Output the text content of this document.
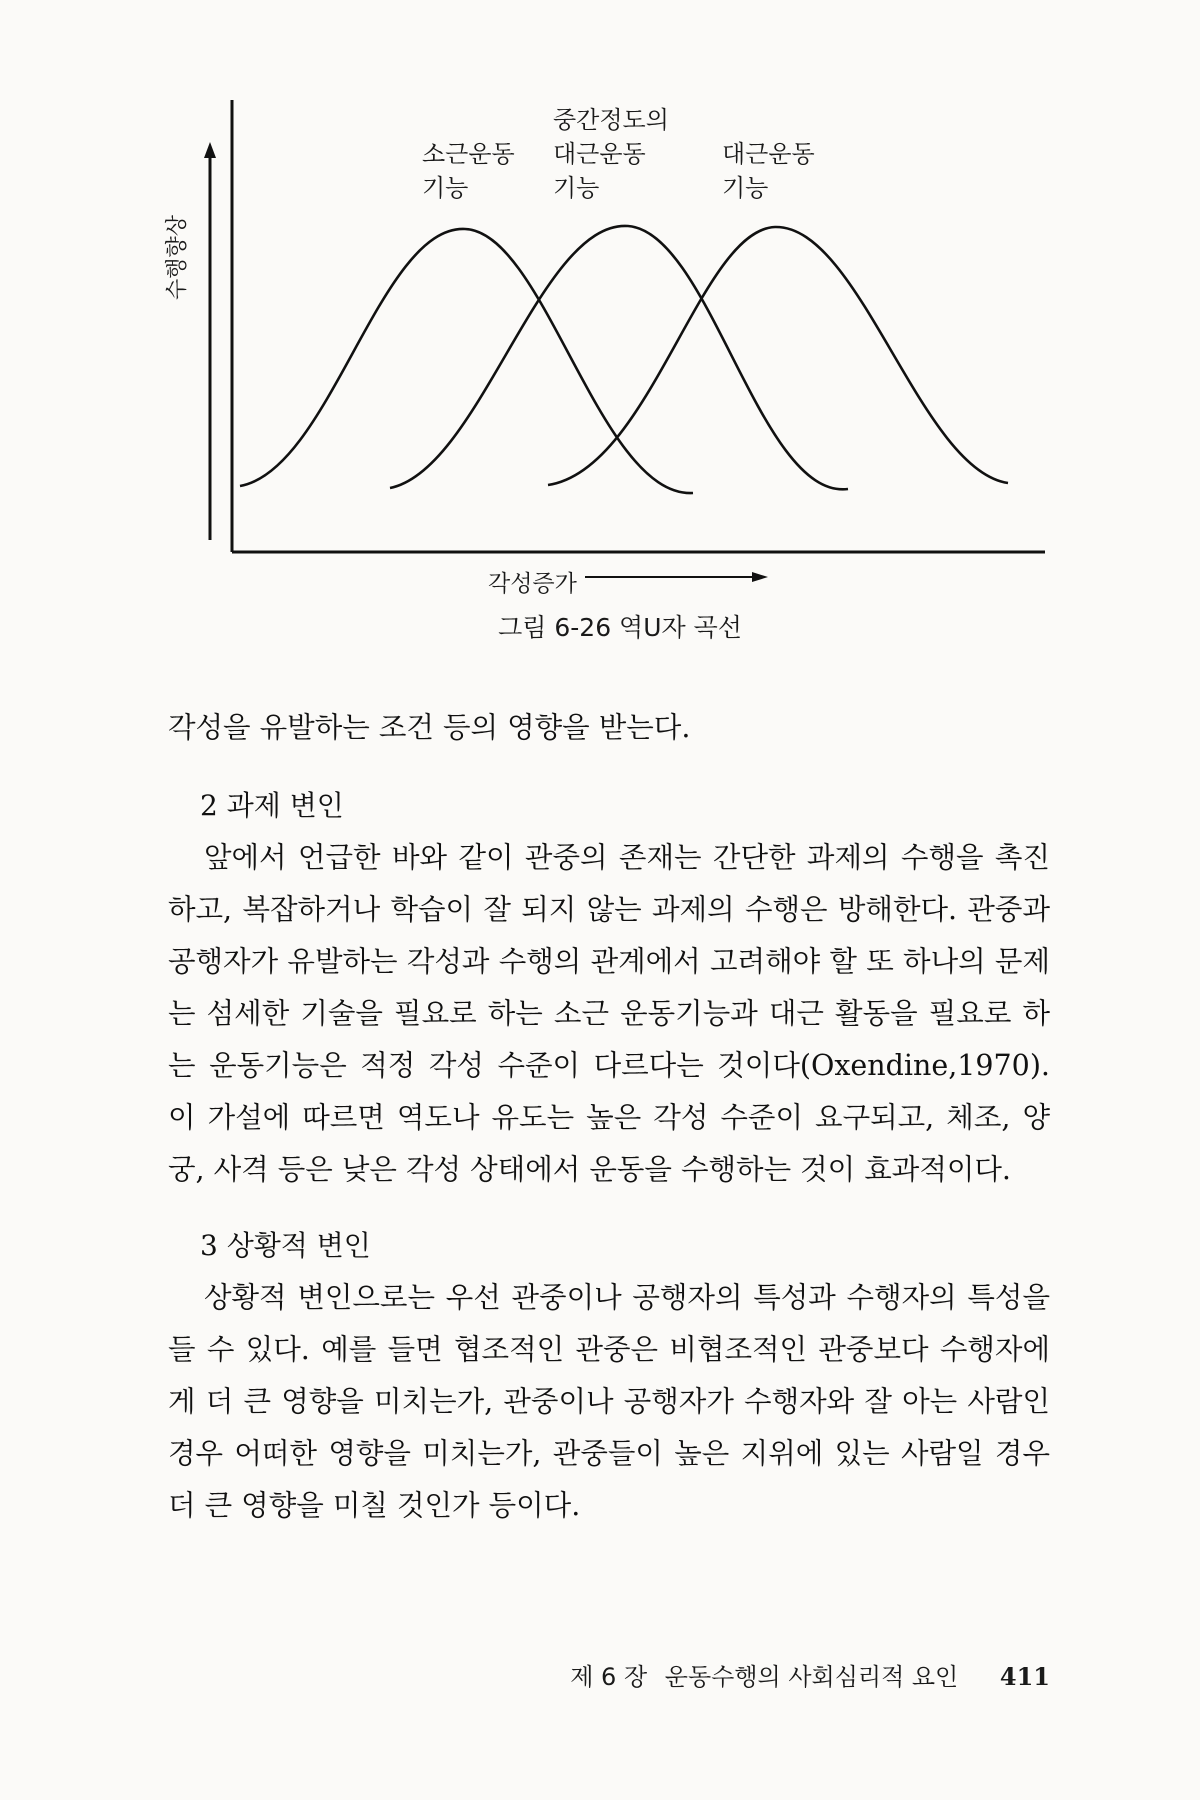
소근운동
기능
중간정도의
대근운동
기능
대근운동
기능
수행향상
각성증가
그림 6-26 역U자 곡선

각성을 유발하는 조건 등의 영향을 받는다.

2 과제 변인

앞에서 언급한 바와 같이 관중의 존재는 간단한 과제의 수행을 촉진하고, 복잡하거나 학습이 잘 되지 않는 과제의 수행은 방해한다. 관중과 공행자가 유발하는 각성과 수행의 관계에서 고려해야 할 또 하나의 문제는 섬세한 기술을 필요로 하는 소근 운동기능과 대근 활동을 필요로 하는 운동기능은 적정 각성 수준이 다르다는 것이다(Oxendine,1970). 이 가설에 따르면 역도나 유도는 높은 각성 수준이 요구되고, 체조, 양궁, 사격 등은 낮은 각성 상태에서 운동을 수행하는 것이 효과적이다.

3 상황적 변인

상황적 변인으로는 우선 관중이나 공행자의 특성과 수행자의 특성을 들 수 있다. 예를 들면 협조적인 관중은 비협조적인 관중보다 수행자에게 더 큰 영향을 미치는가, 관중이나 공행자가 수행자와 잘 아는 사람인 경우 어떠한 영향을 미치는가, 관중들이 높은 지위에 있는 사람일 경우 더 큰 영향을 미칠 것인가 등이다.

제 6 장 운동수행의 사회심리적 요인 411
